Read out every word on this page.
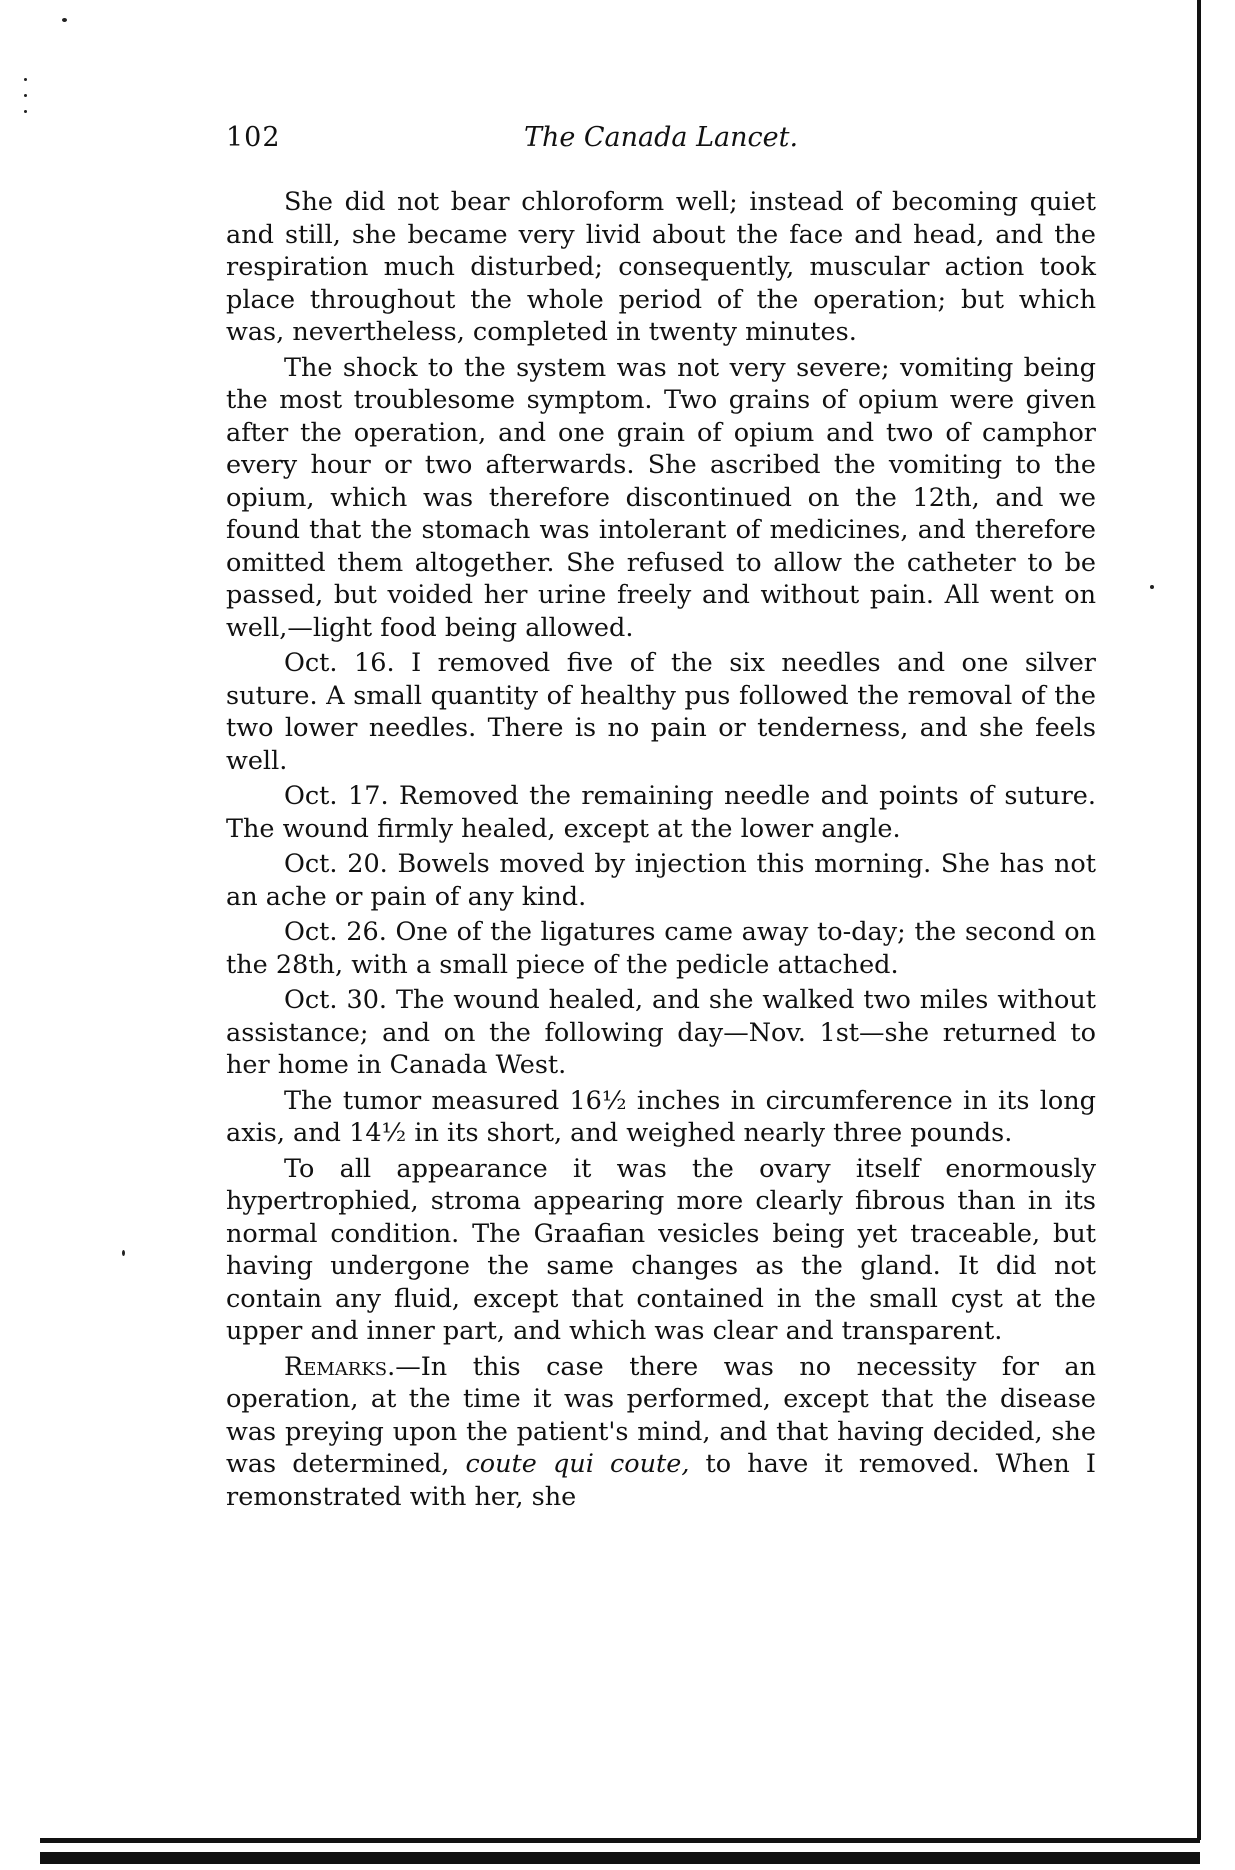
102	The Canada Lancet.

She did not bear chloroform well; instead of becoming quiet and still, she became very livid about the face and head, and the respiration much disturbed; consequently, muscular action took place throughout the whole period of the operation; but which was, nevertheless, completed in twenty minutes.

The shock to the system was not very severe; vomiting being the most troublesome symptom. Two grains of opium were given after the operation, and one grain of opium and two of camphor every hour or two afterwards. She ascribed the vomiting to the opium, which was therefore discontinued on the 12th, and we found that the stomach was intolerant of medicines, and therefore omitted them altogether. She refused to allow the catheter to be passed, but voided her urine freely and without pain. All went on well,—light food being allowed.

Oct. 16. I removed five of the six needles and one silver suture. A small quantity of healthy pus followed the removal of the two lower needles. There is no pain or tenderness, and she feels well.

Oct. 17. Removed the remaining needle and points of suture. The wound firmly healed, except at the lower angle.

Oct. 20. Bowels moved by injection this morning. She has not an ache or pain of any kind.

Oct. 26. One of the ligatures came away to-day; the second on the 28th, with a small piece of the pedicle attached.

Oct. 30. The wound healed, and she walked two miles without assistance; and on the following day—Nov. 1st—she returned to her home in Canada West.

The tumor measured 16½ inches in circumference in its long axis, and 14½ in its short, and weighed nearly three pounds.

To all appearance it was the ovary itself enormously hypertrophied, stroma appearing more clearly fibrous than in its normal condition. The Graafian vesicles being yet traceable, but having undergone the same changes as the gland. It did not contain any fluid, except that contained in the small cyst at the upper and inner part, and which was clear and transparent.

Remarks.—In this case there was no necessity for an operation, at the time it was performed, except that the disease was preying upon the patient's mind, and that having decided, she was determined, coute qui coute, to have it removed. When I remonstrated with her, she
